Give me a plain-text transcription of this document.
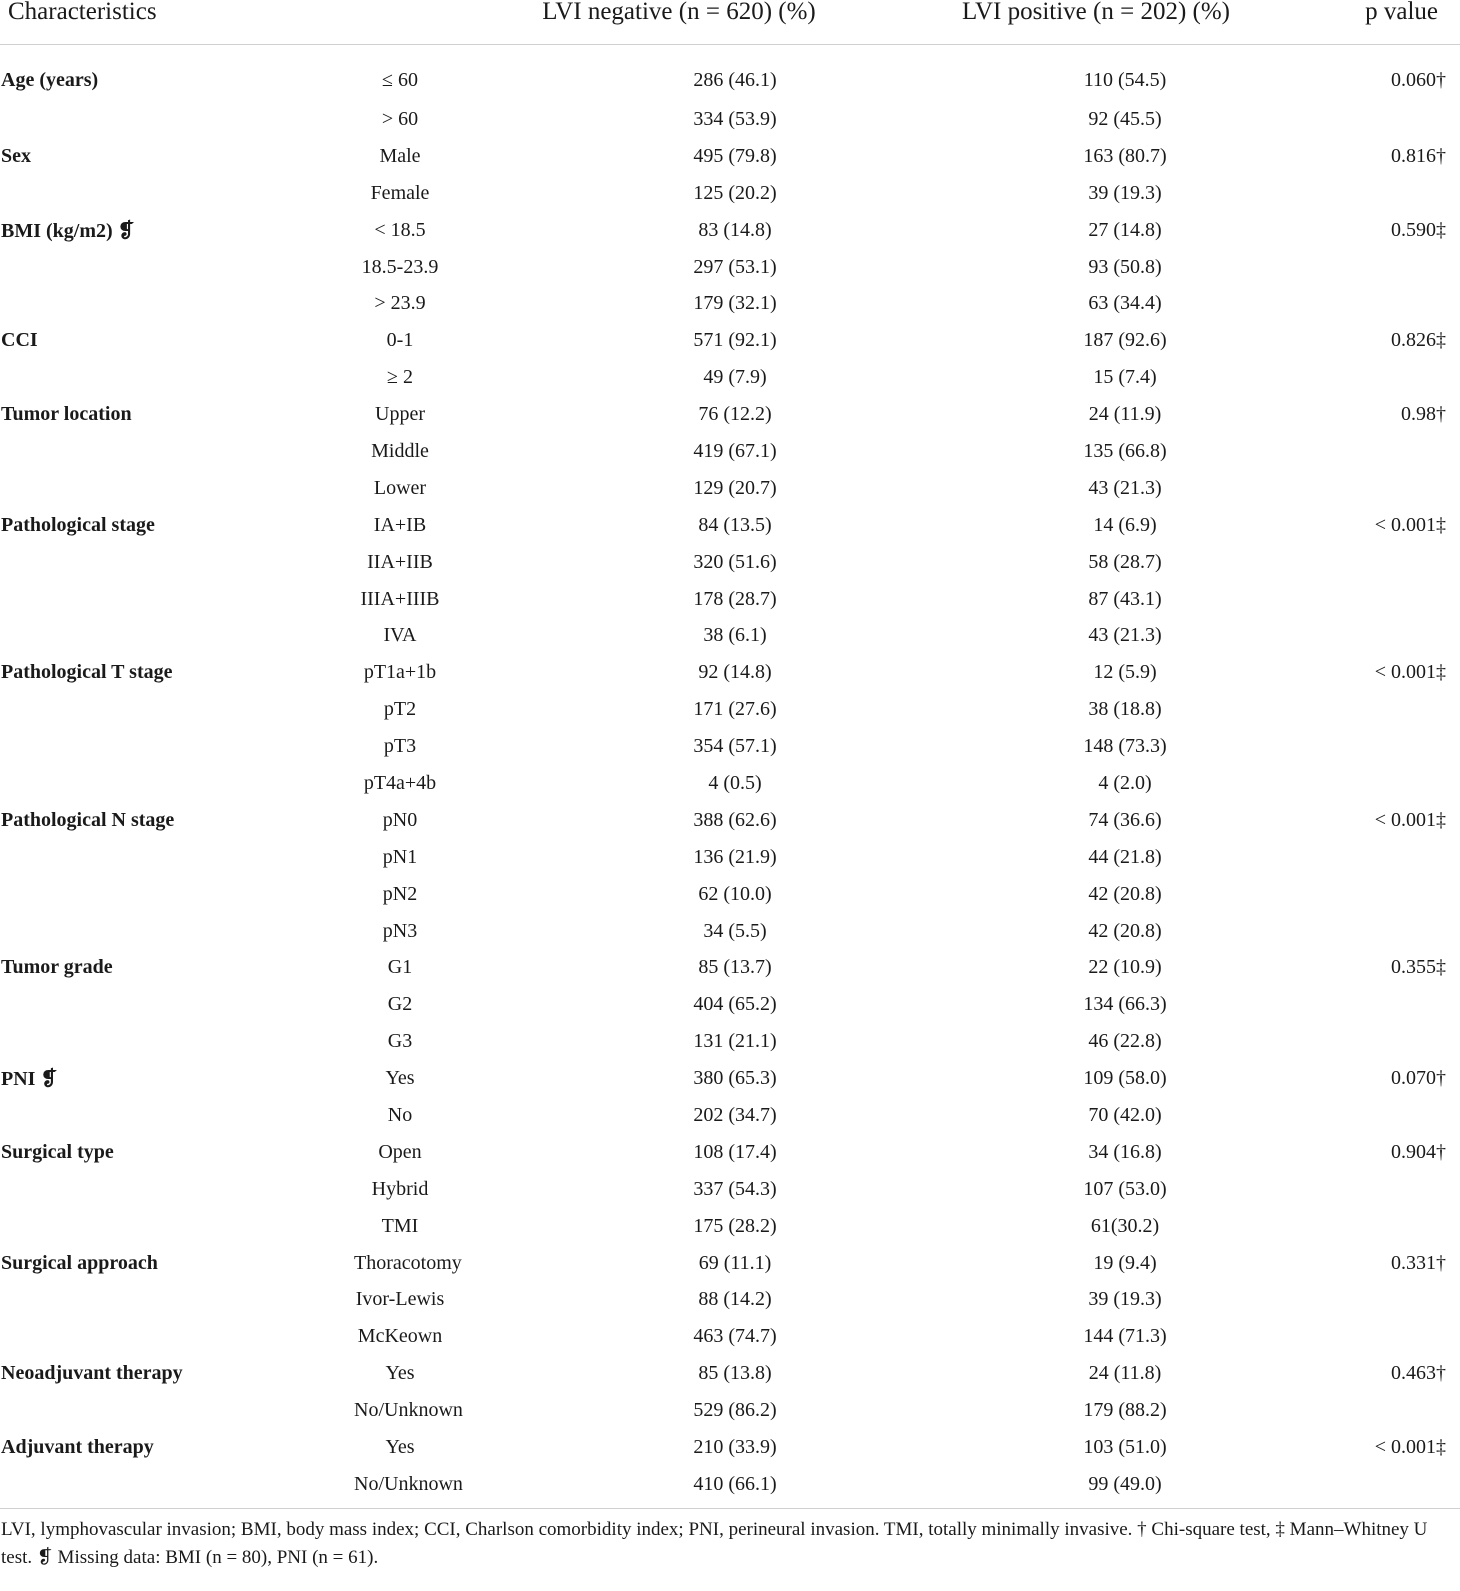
Characteristics		LVI negative (n = 620) (%)	LVI positive (n = 202) (%)	p value
Age (years)	≤ 60	286 (46.1)	110 (54.5)	0.060†
	> 60	334 (53.9)	92 (45.5)	
Sex	Male	495 (79.8)	163 (80.7)	0.816†
	Female	125 (20.2)	39 (19.3)	
BMI (kg/m2) ❡	< 18.5	83 (14.8)	27 (14.8)	0.590‡
	18.5-23.9	297 (53.1)	93 (50.8)	
	> 23.9	179 (32.1)	63 (34.4)	
CCI	0-1	571 (92.1)	187 (92.6)	0.826‡
	≥ 2	49 (7.9)	15 (7.4)	
Tumor location	Upper	76 (12.2)	24 (11.9)	0.98†
	Middle	419 (67.1)	135 (66.8)	
	Lower	129 (20.7)	43 (21.3)	
Pathological stage	IA+IB	84 (13.5)	14 (6.9)	< 0.001‡
	IIA+IIB	320 (51.6)	58 (28.7)	
	IIIA+IIIB	178 (28.7)	87 (43.1)	
	IVA	38 (6.1)	43 (21.3)	
Pathological T stage	pT1a+1b	92 (14.8)	12 (5.9)	< 0.001‡
	pT2	171 (27.6)	38 (18.8)	
	pT3	354 (57.1)	148 (73.3)	
	pT4a+4b	4 (0.5)	4 (2.0)	
Pathological N stage	pN0	388 (62.6)	74 (36.6)	< 0.001‡
	pN1	136 (21.9)	44 (21.8)	
	pN2	62 (10.0)	42 (20.8)	
	pN3	34 (5.5)	42 (20.8)	
Tumor grade	G1	85 (13.7)	22 (10.9)	0.355‡
	G2	404 (65.2)	134 (66.3)	
	G3	131 (21.1)	46 (22.8)	
PNI ❡	Yes	380 (65.3)	109 (58.0)	0.070†
	No	202 (34.7)	70 (42.0)	
Surgical type	Open	108 (17.4)	34 (16.8)	0.904†
	Hybrid	337 (54.3)	107 (53.0)	
	TMI	175 (28.2)	61(30.2)	
Surgical approach	Thoracotomy	69 (11.1)	19 (9.4)	0.331†
	Ivor-Lewis	88 (14.2)	39 (19.3)	
	McKeown	463 (74.7)	144 (71.3)	
Neoadjuvant therapy	Yes	85 (13.8)	24 (11.8)	0.463†
	No/Unknown	529 (86.2)	179 (88.2)	
Adjuvant therapy	Yes	210 (33.9)	103 (51.0)	< 0.001‡
	No/Unknown	410 (66.1)	99 (49.0)	
LVI, lymphovascular invasion; BMI, body mass index; CCI, Charlson comorbidity index; PNI, perineural invasion. TMI, totally minimally invasive. † Chi-square test, ‡ Mann–Whitney U test. ❡ Missing data: BMI (n = 80), PNI (n = 61).
